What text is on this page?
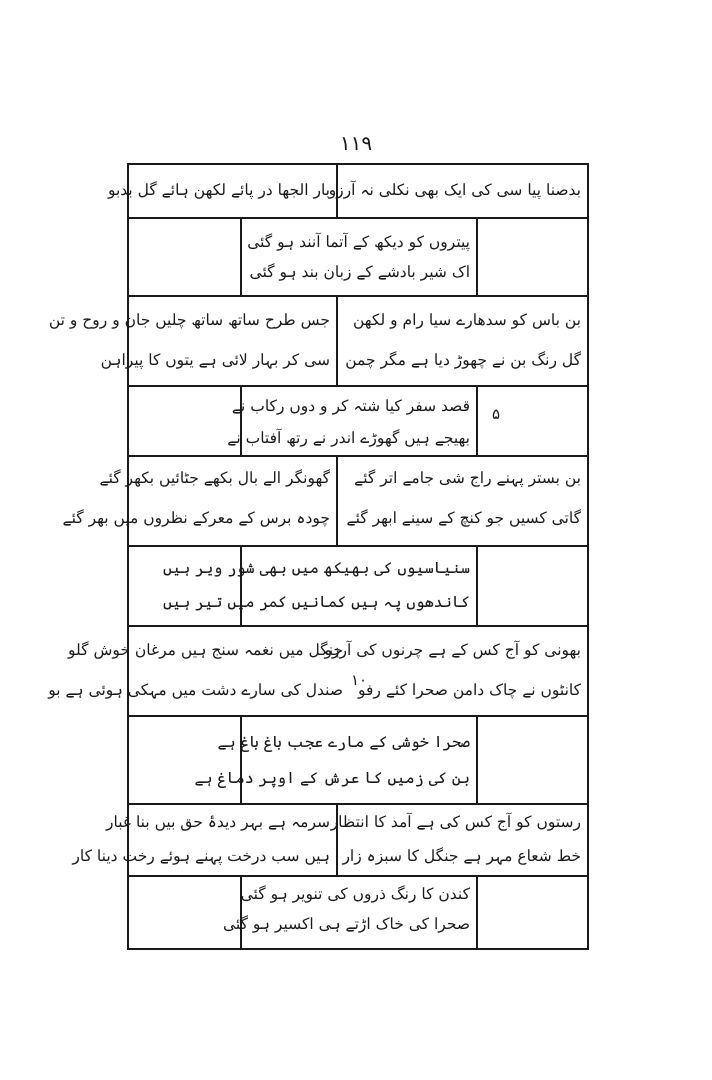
۱۱۹
بار الجھا در پائے لکھن ہائے گل بدبو
بدصنا پیا سی کی ایک بھی نکلی نہ آرزو
پیتروں کو دیکھ کے آتما آنند ہو گئی
اک شیر بادشے کے زبان بند ہو گئی
جس طرح ساتھ ساتھ چلیں جان و روح و تن
سی کر بہار لائی ہے یتوں کا پیراہن
بن باس کو سدھارے سیا رام و لکھن
گل رنگ بن نے چھوڑ دیا ہے مگر چمن
قصد سفر کیا شتہ کر و دوں رکاب نے
بھیجے ہیں گھوڑے اندر نے رتھ آفتاب نے
۵
گھونگر الے بال بکھے جٹائیں بکھر گئے
چودہ برس کے معرکے نظروں میں بھر گئے
بن بستر پہنے راج شی جامے اتر گئے
گاتی کسیں جو کنچ کے سینے ابھر گئے
سنیاسیوں کی بھیکھ میں بھی شور ویر ہیں
کاندھوں پہ ہیں کمانیں کمر میں تیر ہیں
جنگل میں نغمہ سنج ہیں مرغان خوش گلو
صندل کی سارے دشت میں مہکی ہوئی ہے بو
۱۰
بھونی کو آج کس کے ہے چرنوں کی آرزو
کانٹوں نے چاک دامن صحرا کئے رفو
صحرا خوشی کے مارے عجب باغ باغ ہے
بن کی زمیں کا عرش کے اوپر دماغ ہے
سرمہ ہے بہر دیدۂ حق بیں بنا غبار
ہیں سب درخت پہنے ہوئے رخت دینا کار
رستوں کو آج کس کی ہے آمد کا انتظار
خط شعاع مہر ہے جنگل کا سبزہ زار
کندن کا رنگ ذروں کی تنویر ہو گئی
صحرا کی خاک اڑتے ہی اکسیر ہو گئی
